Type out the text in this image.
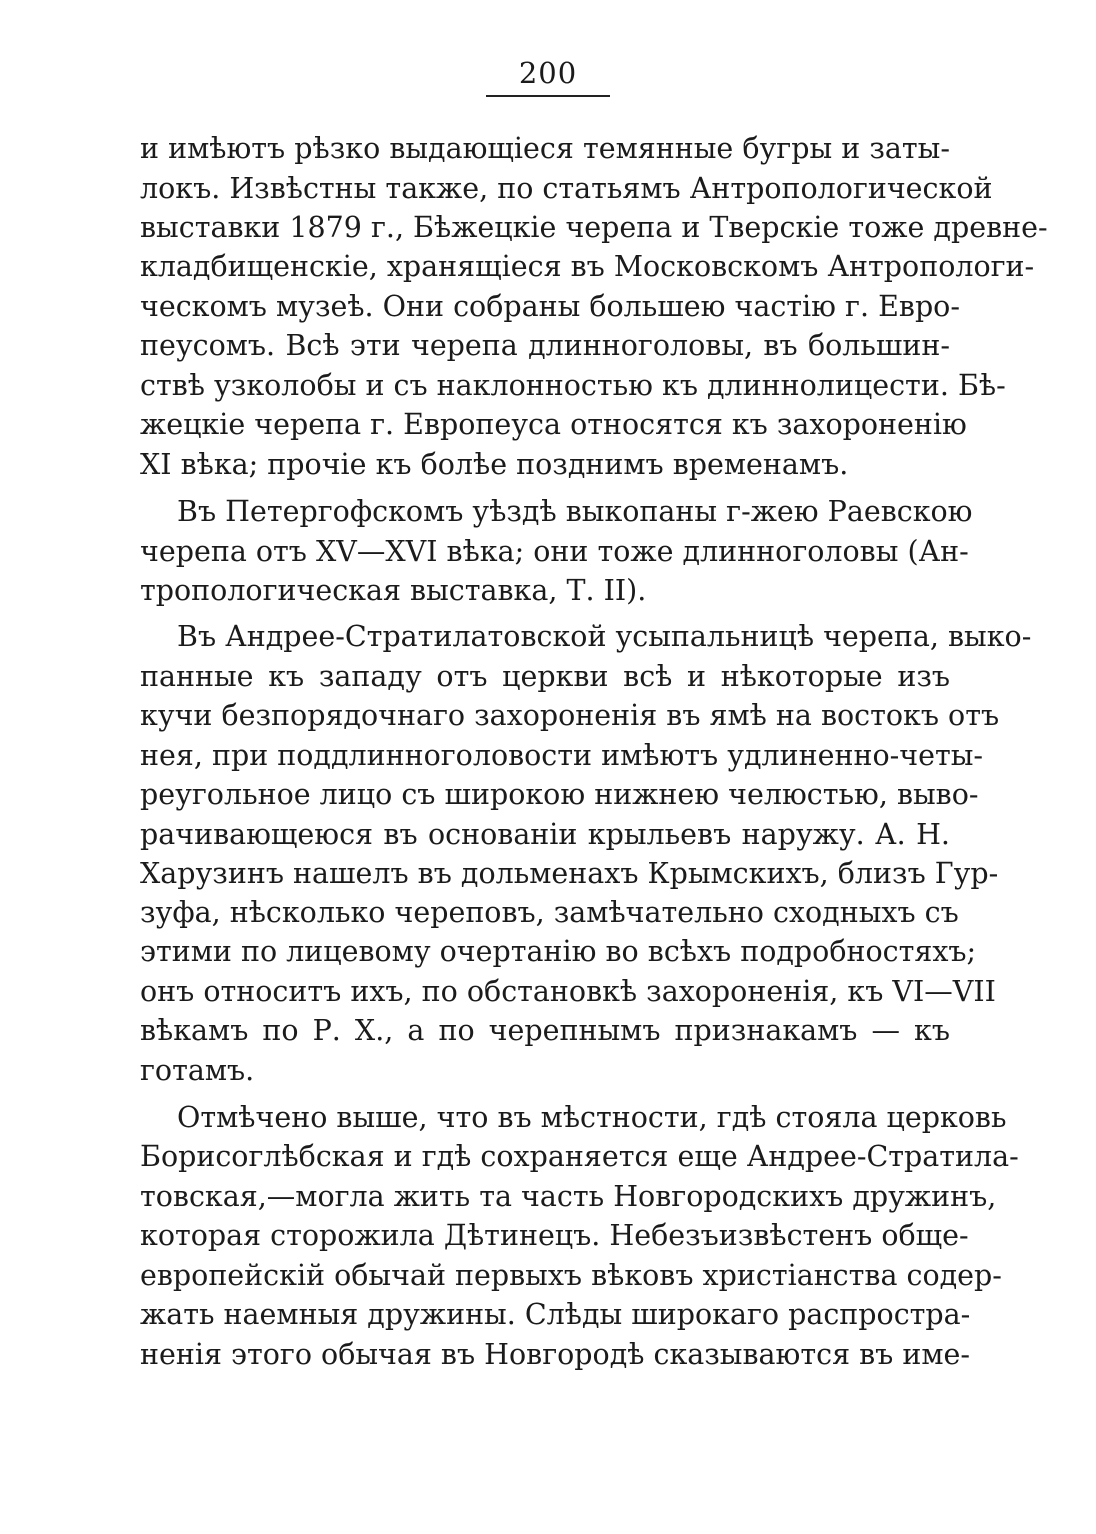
200
и имѣютъ рѣзко выдающіеся темянные бугры и заты-
локъ. Извѣстны также, по статьямъ Антропологической
выставки 1879 г., Бѣжецкіе черепа и Тверскіе тоже древне-
кладбищенскіе, хранящіеся въ Московскомъ Антропологи-
ческомъ музеѣ. Они собраны большею частію г. Евро-
пеусомъ. Всѣ эти черепа длинноголовы, въ большин-
ствѣ узколобы и съ наклонностью къ длиннолицести. Бѣ-
жецкіе черепа г. Европеуса относятся къ захороненію
XI вѣка; прочіе къ болѣе позднимъ временамъ.
Въ Петергофскомъ уѣздѣ выкопаны г-жею Раевскою
черепа отъ XV—XVI вѣка; они тоже длинноголовы (Ан-
тропологическая выставка, Т. II).
Въ Андрее-Стратилатовской усыпальницѣ черепа, выко-
панные къ западу отъ церкви всѣ и нѣкоторые изъ
кучи безпорядочнаго захороненія въ ямѣ на востокъ отъ
нея, при поддлинноголовости имѣютъ удлиненно-четы-
реугольное лицо съ широкою нижнею челюстью, выво-
рачивающеюся въ основаніи крыльевъ наружу. А. Н.
Харузинъ нашелъ въ дольменахъ Крымскихъ, близъ Гур-
зуфа, нѣсколько череповъ, замѣчательно сходныхъ съ
этими по лицевому очертанію во всѣхъ подробностяхъ;
онъ относитъ ихъ, по обстановкѣ захороненія, къ VI—VII
вѣкамъ по Р. Х., а по черепнымъ признакамъ — къ
готамъ.
Отмѣчено выше, что въ мѣстности, гдѣ стояла церковь
Борисоглѣбская и гдѣ сохраняется еще Андрее-Стратила-
товская,—могла жить та часть Новгородскихъ дружинъ,
которая сторожила Дѣтинецъ. Небезъизвѣстенъ обще-
европейскій обычай первыхъ вѣковъ христіанства содер-
жать наемныя дружины. Слѣды широкаго распростра-
ненія этого обычая въ Новгородѣ сказываются въ име-
